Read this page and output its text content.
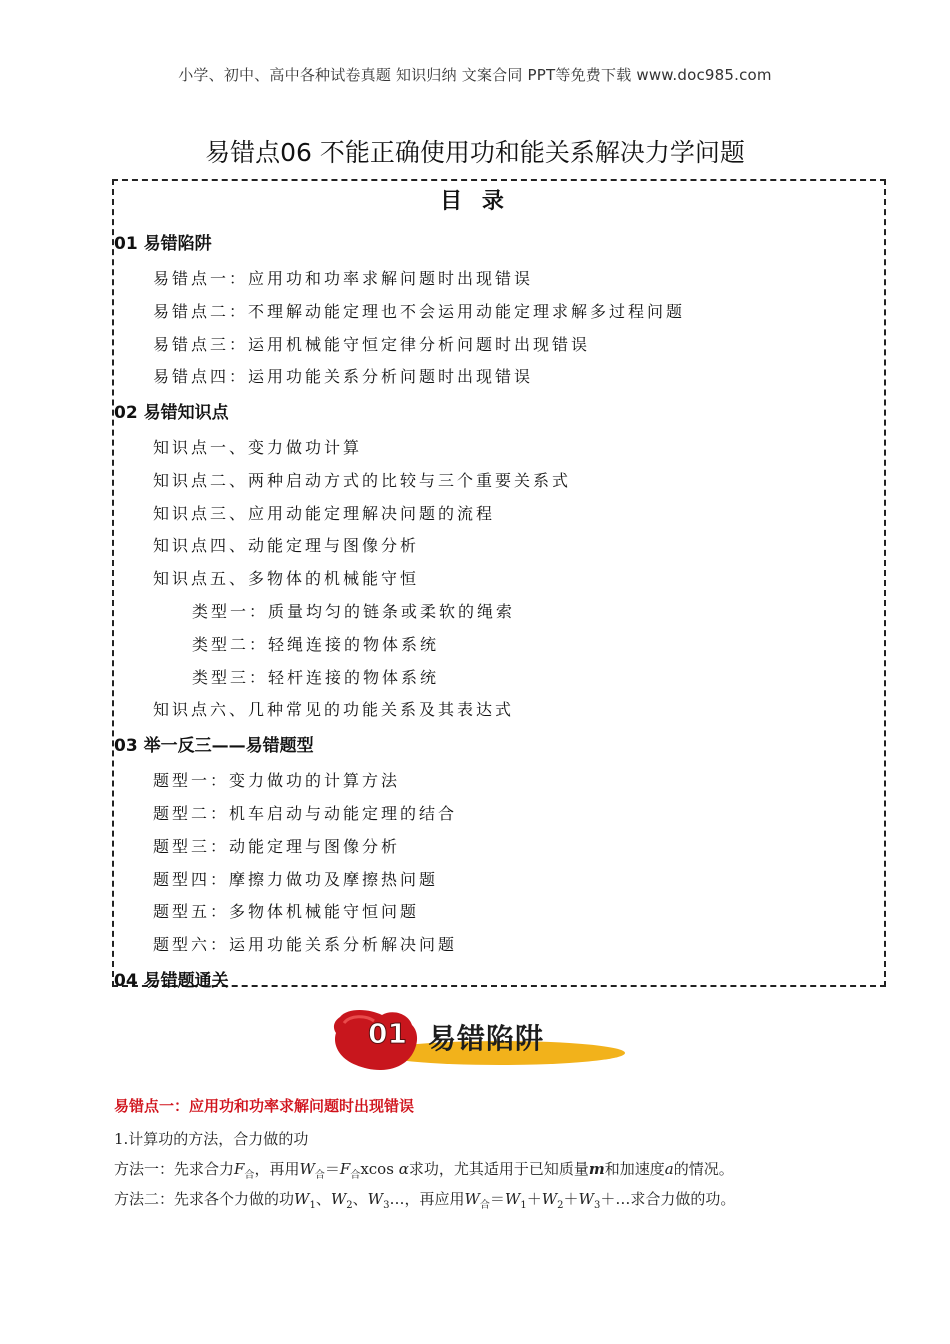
小学、初中、高中各种试卷真题 知识归纳 文案合同 PPT等免费下载 www.doc985.com
易错点06 不能正确使用功和能关系解决力学问题
目 录
01 易错陷阱
易错点一：应用功和功率求解问题时出现错误
易错点二：不理解动能定理也不会运用动能定理求解多过程问题
易错点三：运用机械能守恒定律分析问题时出现错误
易错点四：运用功能关系分析问题时出现错误
02 易错知识点
知识点一、变力做功计算
知识点二、两种启动方式的比较与三个重要关系式
知识点三、应用动能定理解决问题的流程
知识点四、动能定理与图像分析
知识点五、多物体的机械能守恒
类型一：质量均匀的链条或柔软的绳索
类型二：轻绳连接的物体系统
类型三：轻杆连接的物体系统
知识点六、几种常见的功能关系及其表达式
03 举一反三——易错题型
题型一：变力做功的计算方法
题型二：机车启动与动能定理的结合
题型三：动能定理与图像分析
题型四：摩擦力做功及摩擦热问题
题型五：多物体机械能守恒问题
题型六：运用功能关系分析解决问题
04 易错题通关
01 易错陷阱
易错点一：应用功和功率求解问题时出现错误
1.计算功的方法，合力做的功
方法一：先求合力$F_合$，再用$W_合=F_合xcos$ α求功，尤其适用于已知质量m和加速度a的情况。
方法二：先求各个力做的功$W_1$、$W_2$、$W_3\dots$，再应用$W_合=W_1+W_2+W_3+\dots$求合力做的功。
